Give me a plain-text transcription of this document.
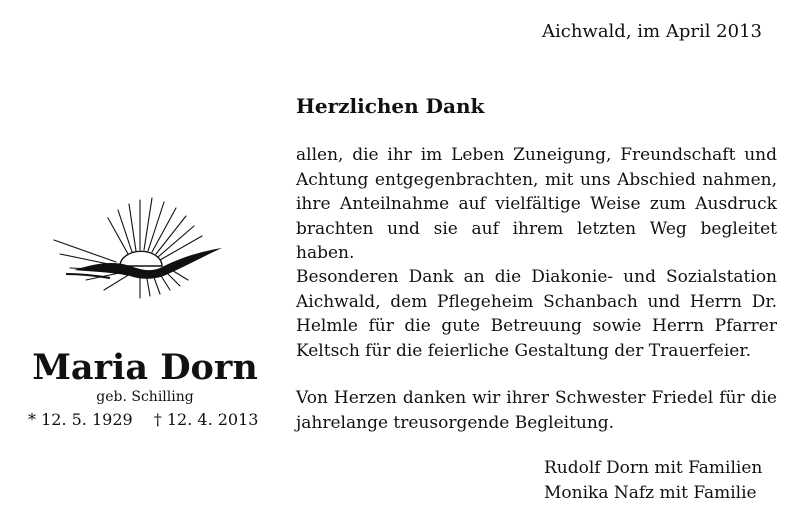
Aichwald, im April 2013
Herzlichen Dank

allen, die ihr im Leben Zuneigung, Freundschaft und Achtung entgegenbrachten, mit uns Abschied nahmen, ihre Anteilnahme auf vielfältige Weise zum Ausdruck brachten und sie auf ihrem letzten Weg begleitet haben.

Besonderen Dank an die Diakonie- und Sozialstation Aichwald, dem Pflegeheim Schanbach und Herrn Dr. Helmle für die gute Betreuung sowie Herrn Pfarrer Keltsch für die feierliche Gestaltung der Trauerfeier.

Von Herzen danken wir ihrer Schwester Friedel für die jahrelange treusorgende Begleitung.

Rudolf Dorn mit Familien
Monika Nafz mit Familie
Maria Dorn
geb. Schilling
* 12. 5. 1929 † 12. 4. 2013
